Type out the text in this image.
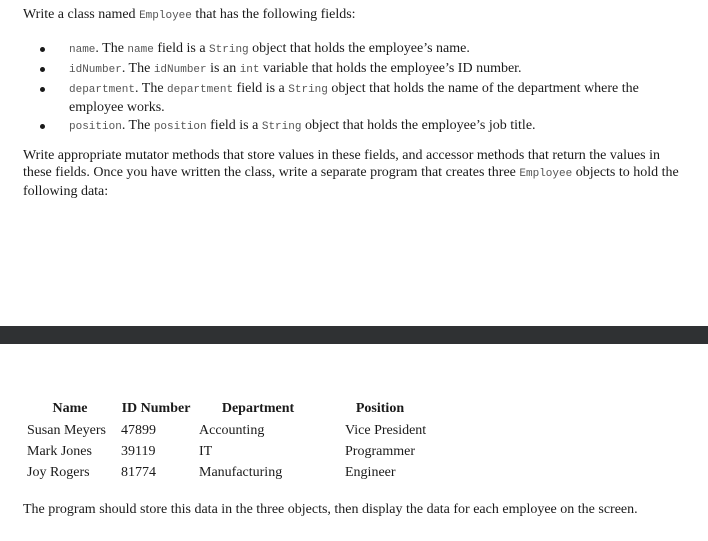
Write a class named Employee that has the following fields:
name. The name field is a String object that holds the employee’s name.
idNumber. The idNumber is an int variable that holds the employee’s ID number.
department. The department field is a String object that holds the name of the department where the employee works.
position. The position field is a String object that holds the employee’s job title.

Write appropriate mutator methods that store values in these fields, and accessor methods that return the values in these fields. Once you have written the class, write a separate program that creates three Employee objects to hold the following data:

Name	ID Number	Department	Position
Susan Meyers	47899	Accounting	Vice President
Mark Jones	39119	IT	Programmer
Joy Rogers	81774	Manufacturing	Engineer

The program should store this data in the three objects, then display the data for each employee on the screen.
